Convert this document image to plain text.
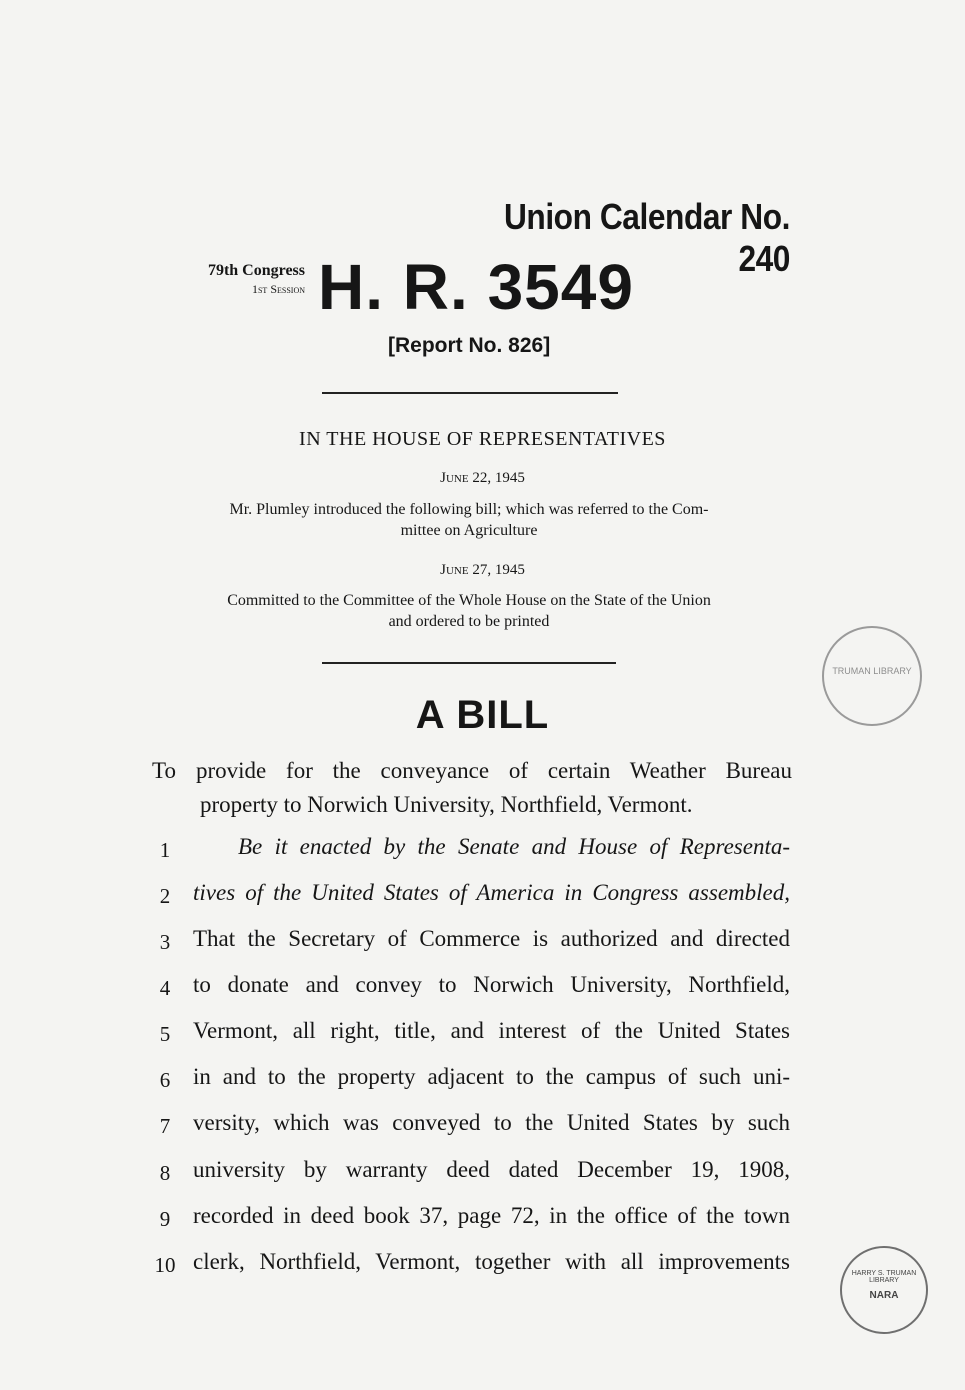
Union Calendar No. 240
79th Congress
1st Session H. R. 3549
[Report No. 826]
IN THE HOUSE OF REPRESENTATIVES
June 22, 1945
Mr. Plumley introduced the following bill; which was referred to the Com-
mittee on Agriculture
June 27, 1945
Committed to the Committee of the Whole House on the State of the Union
and ordered to be printed
A BILL
To provide for the conveyance of certain Weather Bureau
property to Norwich University, Northfield, Vermont.
1	Be it enacted by the Senate and House of Representa-
2 tives of the United States of America in Congress assembled,
3 That the Secretary of Commerce is authorized and directed
4 to donate and convey to Norwich University, Northfield,
5 Vermont, all right, title, and interest of the United States
6 in and to the property adjacent to the campus of such uni-
7 versity, which was conveyed to the United States by such
8 university by warranty deed dated December 19, 1908,
9 recorded in deed book 37, page 72, in the office of the town
10 clerk, Northfield, Vermont, together with all improvements
TRUMAN LIBRARY
HARRY S. TRUMAN LIBRARY
NARA
